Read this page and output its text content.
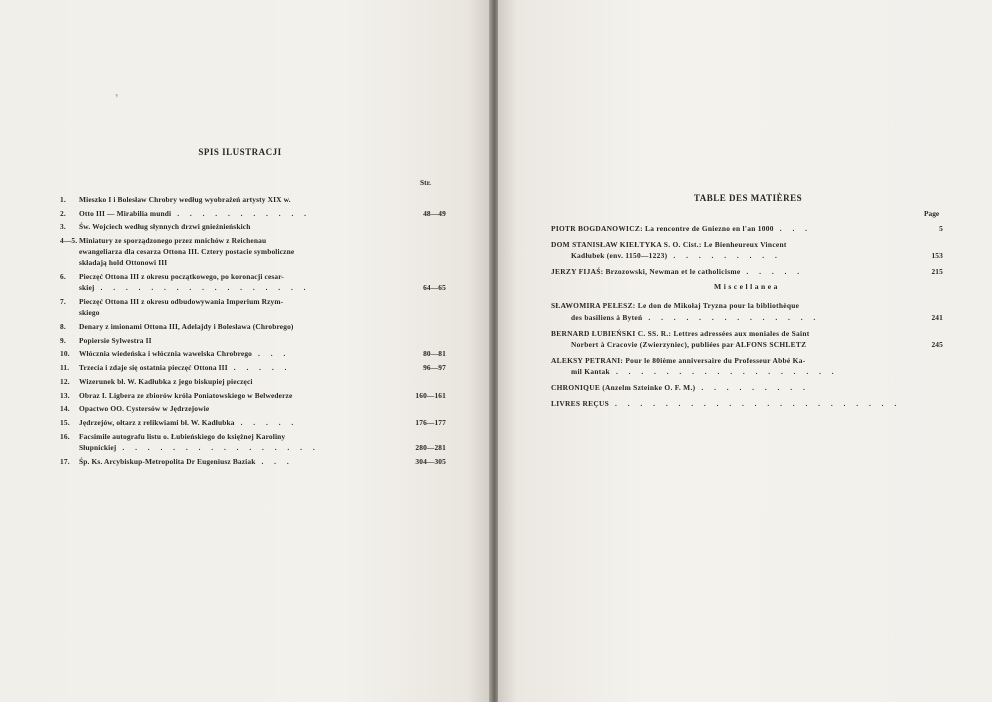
❜
SPIS ILUSTRACJI
Str.
1.	Mieszko I i Bolesław Chrobry według wyobrażeń artysty XIX w.
2.	Otto III — Mirabilia mundi . . . . . . . . . . .	48—49
3.	Św. Wojciech według słynnych drzwi gnieźnieńskich
4—5. Miniatury ze sporządzonego przez mnichów z Reichenau
ewangeliarza dla cesarza Ottona III. Cztery postacie symboliczne
składają hold Ottonowi III
6.	Pieczęć Ottona III z okresu początkowego, po koronacji cesar-
skiej . . . . . . . . . . . . . . . . .	64—65
7.	Pieczęć Ottona III z okresu odbudowywania Imperium Rzym-
skiego
8.	Denary z imionami Ottona III, Adelajdy i Bolesława (Chrobrego)
9.	Popiersie Sylwestra II
10.	Włócznia wiedeńska i włócznia wawelska Chrobrego . . .	80—81
11.	Trzecia i zdaje się ostatnia pieczęć Ottona III . . . . .	96—97
12.	Wizerunek bł. W. Kadłubka z jego biskupiej pieczęci
13.	Obraz I. Ligbera ze zbiorów króla Poniatowskiego w Belwederze	160—161
14.	Opactwo OO. Cystersów w Jędrzejowie
15.	Jędrzejów, ołtarz z relikwiami bł. W. Kadłubka . . . . .	176—177
16.	Facsimile autografu listu o. Łubieńskiego do księżnej Karoliny
Słupnickiej . . . . . . . . . . . . . . . .	280—281
17.	Śp. Ks. Arcybiskup-Metropolita Dr Eugeniusz Baziak . . .	304—305
TABLE DES MATIÈRES
Page
PIOTR BOGDANOWICZ: La rencontre de Gniezno en l'an 1000 . . .	5
DOM STANISŁAW KIEŁTYKA S. O. Cist.: Le Bienheureux Vincent
Kadłubek (env. 1150—1223) . . . . . . . . .	153
JERZY FIJAŚ: Brzozowski, Newman et le catholicisme . . . . .	215
Miscellanea
SŁAWOMIRA PEŁESZ: Le don de Mikołaj Tryzna pour la bibliothèque
des basiliens à Byteń . . . . . . . . . . . . . .	241
BERNARD ŁUBIEŃSKI C. SS. R.: Lettres adressées aux moniales de Saint
Norbert à Cracovie (Zwierzyniec), publiées par ALFONS SCHLETZ	245
ALEKSY PETRANI: Pour le 80ième anniversaire du Professeur Abbé Ka-
mil Kantak . . . . . . . . . . . . . . . . . .
CHRONIQUE (Anzelm Szteinke O. F. M.) . . . . . . . . .
LIVRES REÇUS . . . . . . . . . . . . . . . . . . . . . . .
